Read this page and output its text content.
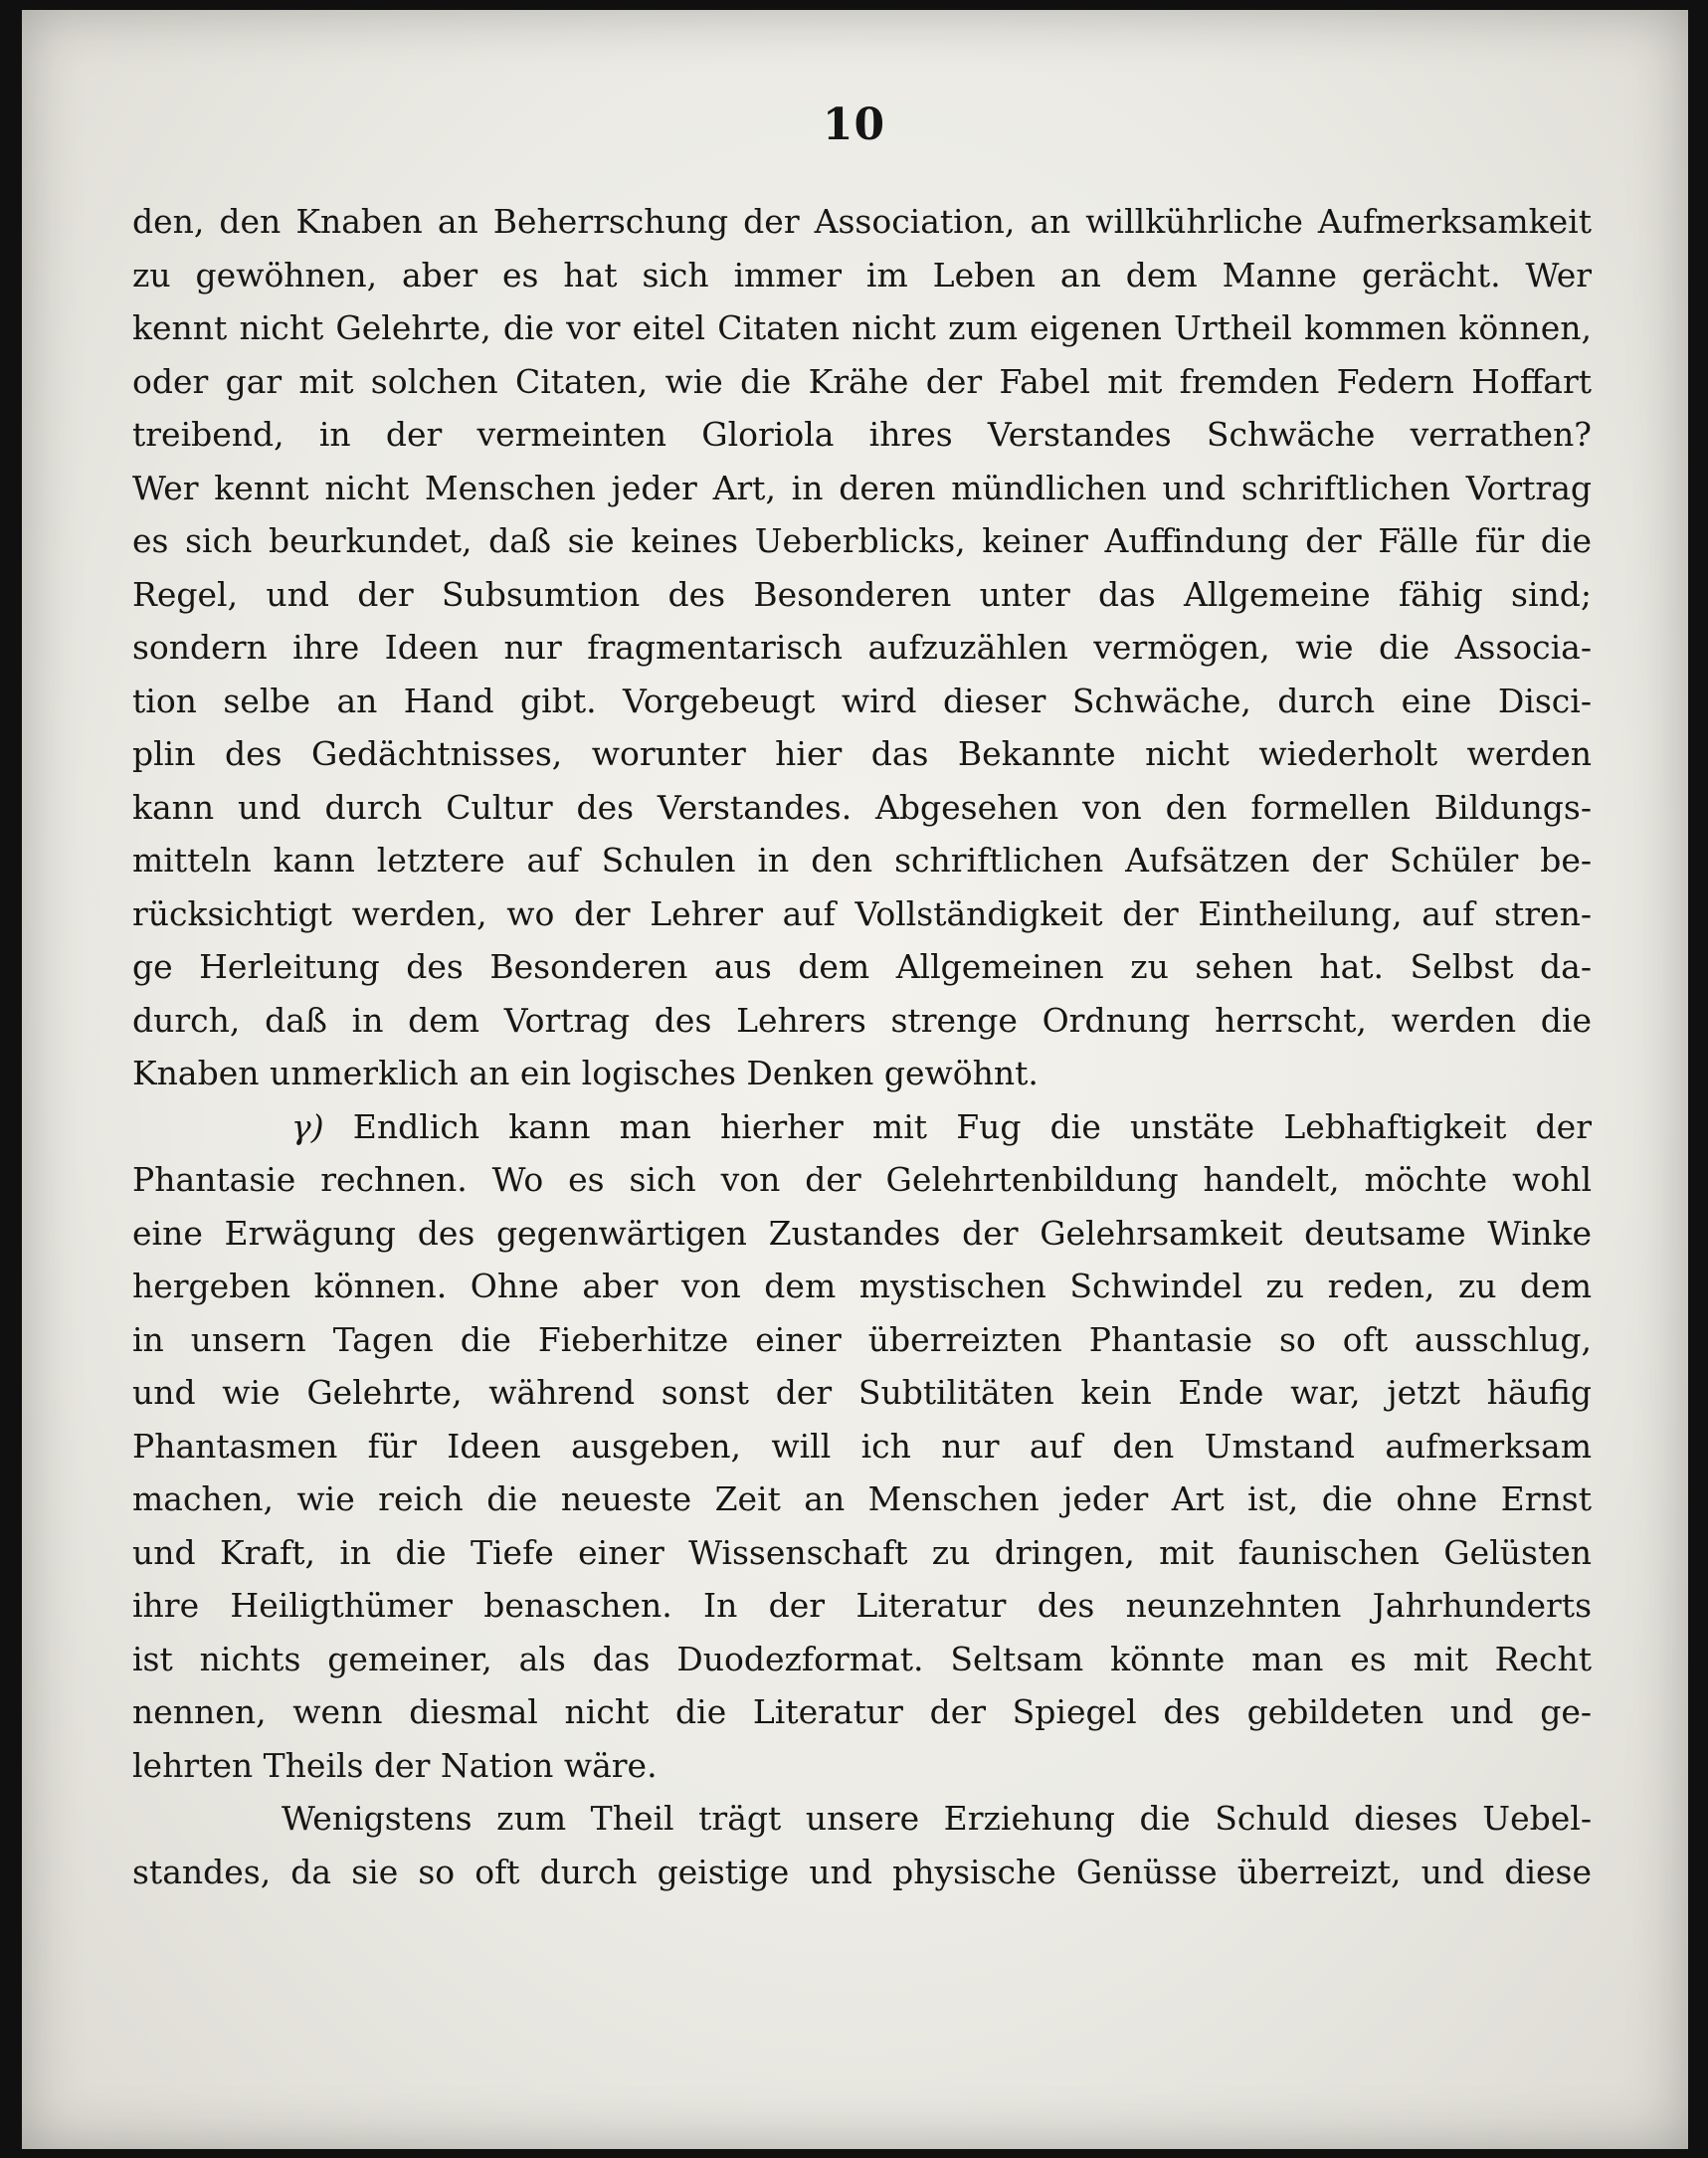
10
den, den Knaben an Beherrschung der Association, an willkührliche Aufmerksamkeit
zu gewöhnen, aber es hat sich immer im Leben an dem Manne gerächt. Wer
kennt nicht Gelehrte, die vor eitel Citaten nicht zum eigenen Urtheil kommen können,
oder gar mit solchen Citaten, wie die Krähe der Fabel mit fremden Federn Hoffart
treibend, in der vermeinten Gloriola ihres Verstandes Schwäche verrathen?
Wer kennt nicht Menschen jeder Art, in deren mündlichen und schriftlichen Vortrag
es sich beurkundet, daß sie keines Ueberblicks, keiner Auffindung der Fälle für die
Regel, und der Subsumtion des Besonderen unter das Allgemeine fähig sind;
sondern ihre Ideen nur fragmentarisch aufzuzählen vermögen, wie die Associa-
tion selbe an Hand gibt. Vorgebeugt wird dieser Schwäche, durch eine Disci-
plin des Gedächtnisses, worunter hier das Bekannte nicht wiederholt werden
kann und durch Cultur des Verstandes. Abgesehen von den formellen Bildungs-
mitteln kann letztere auf Schulen in den schriftlichen Aufsätzen der Schüler be-
rücksichtigt werden, wo der Lehrer auf Vollständigkeit der Eintheilung, auf stren-
ge Herleitung des Besonderen aus dem Allgemeinen zu sehen hat. Selbst da-
durch, daß in dem Vortrag des Lehrers strenge Ordnung herrscht, werden die
Knaben unmerklich an ein logisches Denken gewöhnt.
γ) Endlich kann man hierher mit Fug die unstäte Lebhaftigkeit der
Phantasie rechnen. Wo es sich von der Gelehrtenbildung handelt, möchte wohl
eine Erwägung des gegenwärtigen Zustandes der Gelehrsamkeit deutsame Winke
hergeben können. Ohne aber von dem mystischen Schwindel zu reden, zu dem
in unsern Tagen die Fieberhitze einer überreizten Phantasie so oft ausschlug,
und wie Gelehrte, während sonst der Subtilitäten kein Ende war, jetzt häufig
Phantasmen für Ideen ausgeben, will ich nur auf den Umstand aufmerksam
machen, wie reich die neueste Zeit an Menschen jeder Art ist, die ohne Ernst
und Kraft, in die Tiefe einer Wissenschaft zu dringen, mit faunischen Gelüsten
ihre Heiligthümer benaschen. In der Literatur des neunzehnten Jahrhunderts
ist nichts gemeiner, als das Duodezformat. Seltsam könnte man es mit Recht
nennen, wenn diesmal nicht die Literatur der Spiegel des gebildeten und ge-
lehrten Theils der Nation wäre.
Wenigstens zum Theil trägt unsere Erziehung die Schuld dieses Uebel-
standes, da sie so oft durch geistige und physische Genüsse überreizt, und diese
